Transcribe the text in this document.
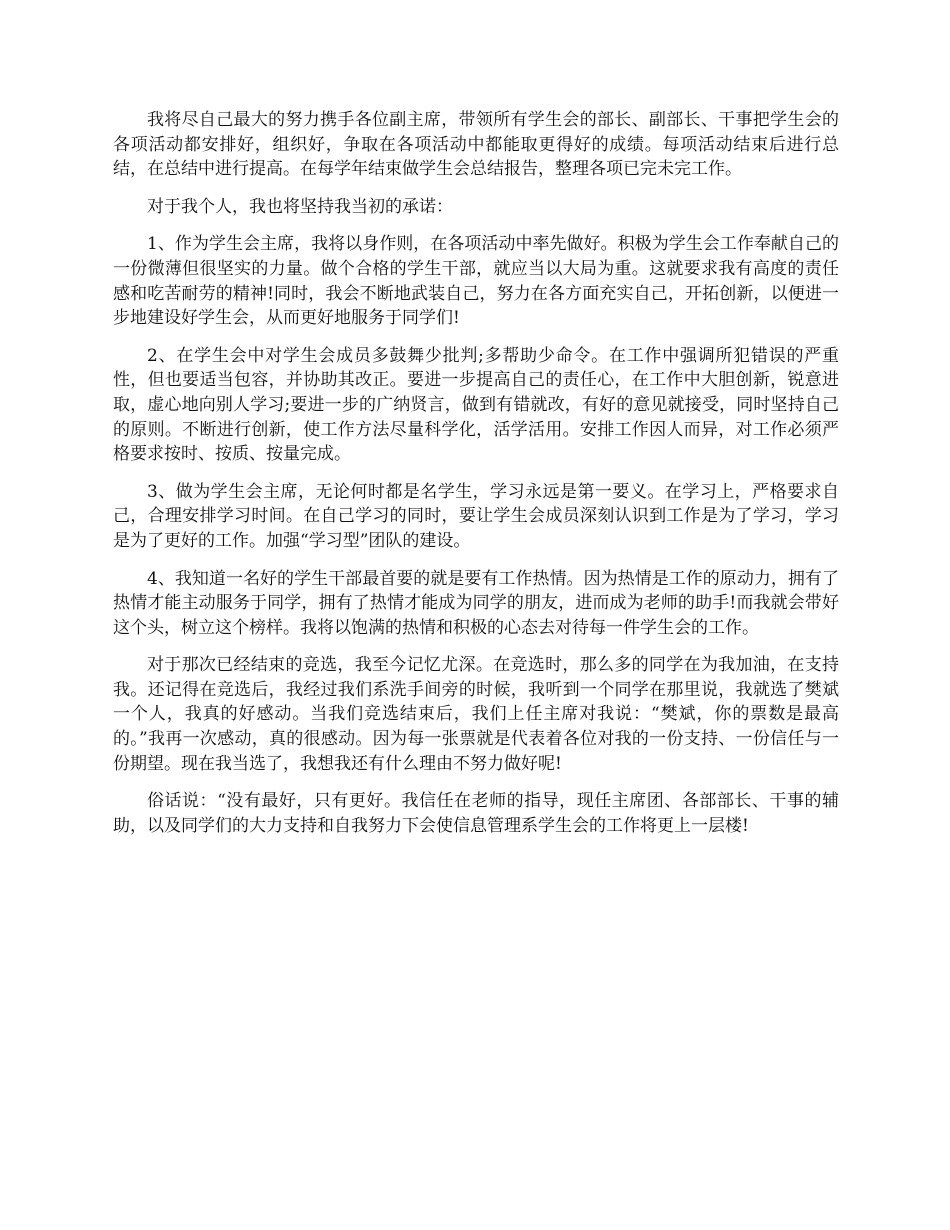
我将尽自己最大的努力携手各位副主席，带领所有学生会的部长、副部长、干事把学生会的各项活动都安排好，组织好，争取在各项活动中都能取更得好的成绩。每项活动结束后进行总结，在总结中进行提高。在每学年结束做学生会总结报告，整理各项已完未完工作。

对于我个人，我也将坚持我当初的承诺：

1、作为学生会主席，我将以身作则，在各项活动中率先做好。积极为学生会工作奉献自己的一份微薄但很坚实的力量。做个合格的学生干部，就应当以大局为重。这就要求我有高度的责任感和吃苦耐劳的精神!同时，我会不断地武装自己，努力在各方面充实自己，开拓创新，以便进一步地建设好学生会，从而更好地服务于同学们!

2、在学生会中对学生会成员多鼓舞少批判;多帮助少命令。在工作中强调所犯错误的严重性，但也要适当包容，并协助其改正。要进一步提高自己的责任心，在工作中大胆创新，锐意进取，虚心地向别人学习;要进一步的广纳贤言，做到有错就改，有好的意见就接受，同时坚持自己的原则。不断进行创新，使工作方法尽量科学化，活学活用。安排工作因人而异，对工作必须严格要求按时、按质、按量完成。

3、做为学生会主席，无论何时都是名学生，学习永远是第一要义。在学习上，严格要求自己，合理安排学习时间。在自己学习的同时，要让学生会成员深刻认识到工作是为了学习，学习是为了更好的工作。加强“学习型”团队的建设。

4、我知道一名好的学生干部最首要的就是要有工作热情。因为热情是工作的原动力，拥有了热情才能主动服务于同学，拥有了热情才能成为同学的朋友，进而成为老师的助手!而我就会带好这个头，树立这个榜样。我将以饱满的热情和积极的心态去对待每一件学生会的工作。

对于那次已经结束的竞选，我至今记忆尤深。在竞选时，那么多的同学在为我加油，在支持我。还记得在竞选后，我经过我们系洗手间旁的时候，我听到一个同学在那里说，我就选了樊斌一个人，我真的好感动。当我们竞选结束后，我们上任主席对我说：“樊斌，你的票数是最高的。”我再一次感动，真的很感动。因为每一张票就是代表着各位对我的一份支持、一份信任与一份期望。现在我当选了，我想我还有什么理由不努力做好呢!

俗话说：“没有最好，只有更好。我信任在老师的指导，现任主席团、各部部长、干事的辅助，以及同学们的大力支持和自我努力下会使信息管理系学生会的工作将更上一层楼!
